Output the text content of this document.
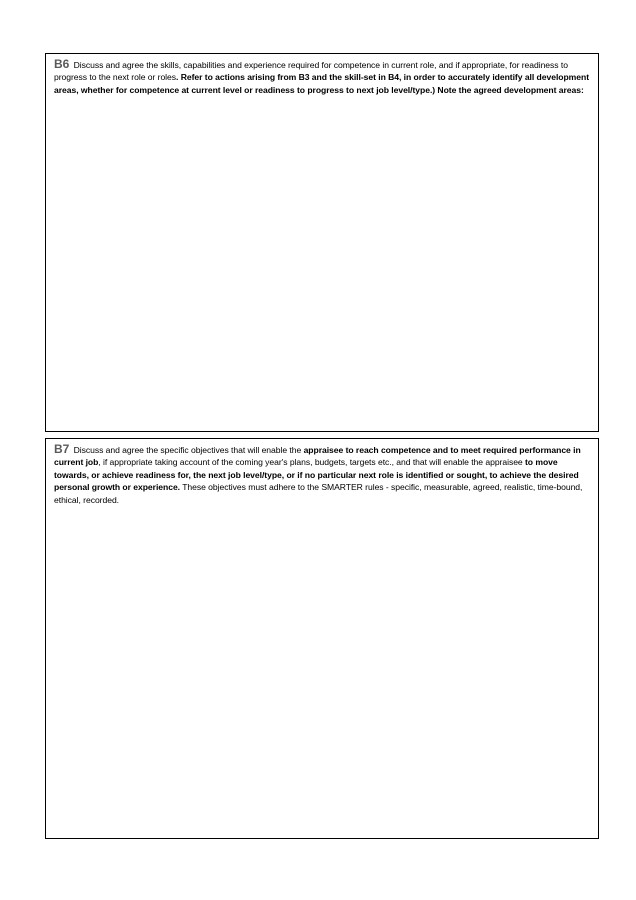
B6 Discuss and agree the skills, capabilities and experience required for competence in current role, and if appropriate, for readiness to progress to the next role or roles. Refer to actions arising from B3 and the skill-set in B4, in order to accurately identify all development areas, whether for competence at current level or readiness to progress to next job level/type.) Note the agreed development areas:

B7 Discuss and agree the specific objectives that will enable the appraisee to reach competence and to meet required performance in current job, if appropriate taking account of the coming year's plans, budgets, targets etc., and that will enable the appraisee to move towards, or achieve readiness for, the next job level/type, or if no particular next role is identified or sought, to achieve the desired personal growth or experience. These objectives must adhere to the SMARTER rules - specific, measurable, agreed, realistic, time-bound, ethical, recorded.
